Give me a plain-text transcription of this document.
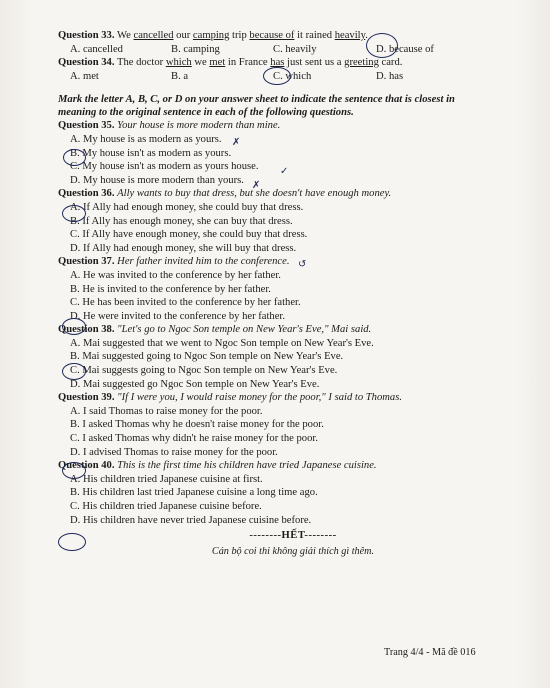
Question 33. We cancelled our camping trip because of it rained heavily.
A. cancelled	B. camping	C. heavily	D. because of
Question 34. The doctor which we met in France has just sent us a greeting card.
A. met	B. a	C. which	D. has
Mark the letter A, B, C, or D on your answer sheet to indicate the sentence that is closest in meaning to the original sentence in each of the following questions.
Question 35. Your house is more modern than mine.
A. My house is as modern as yours.
B. My house isn't as modern as yours.
C. My house isn't as modern as yours house.
D. My house is more modern than yours.
Question 36. Ally wants to buy that dress, but she doesn't have enough money.
A. If Ally had enough money, she could buy that dress.
B. If Ally has enough money, she can buy that dress.
C. If Ally have enough money, she could buy that dress.
D. If Ally had enough money, she will buy that dress.
Question 37. Her father invited him to the conference.
A. He was invited to the conference by her father.
B. He is invited to the conference by her father.
C. He has been invited to the conference by her father.
D. He were invited to the conference by her father.
Question 38. "Let's go to Ngoc Son temple on New Year's Eve," Mai said.
A. Mai suggested that we went to Ngoc Son temple on New Year's Eve.
B. Mai suggested going to Ngoc Son temple on New Year's Eve.
C. Mai suggests going to Ngoc Son temple on New Year's Eve.
D. Mai suggested go Ngoc Son temple on New Year's Eve.
Question 39. "If I were you, I would raise money for the poor," I said to Thomas.
A. I said Thomas to raise money for the poor.
B. I asked Thomas why he doesn't raise money for the poor.
C. I asked Thomas why didn't he raise money for the poor.
D. I advised Thomas to raise money for the poor.
Question 40. This is the first time his children have tried Japanese cuisine.
A. His children tried Japanese cuisine at first.
B. His children last tried Japanese cuisine a long time ago.
C. His children tried Japanese cuisine before.
D. His children have never tried Japanese cuisine before.
--------HẾT--------
Cán bộ coi thi không giải thích gì thêm.
✗
✓
✗
↺
Trang 4/4 - Mã đề 016
